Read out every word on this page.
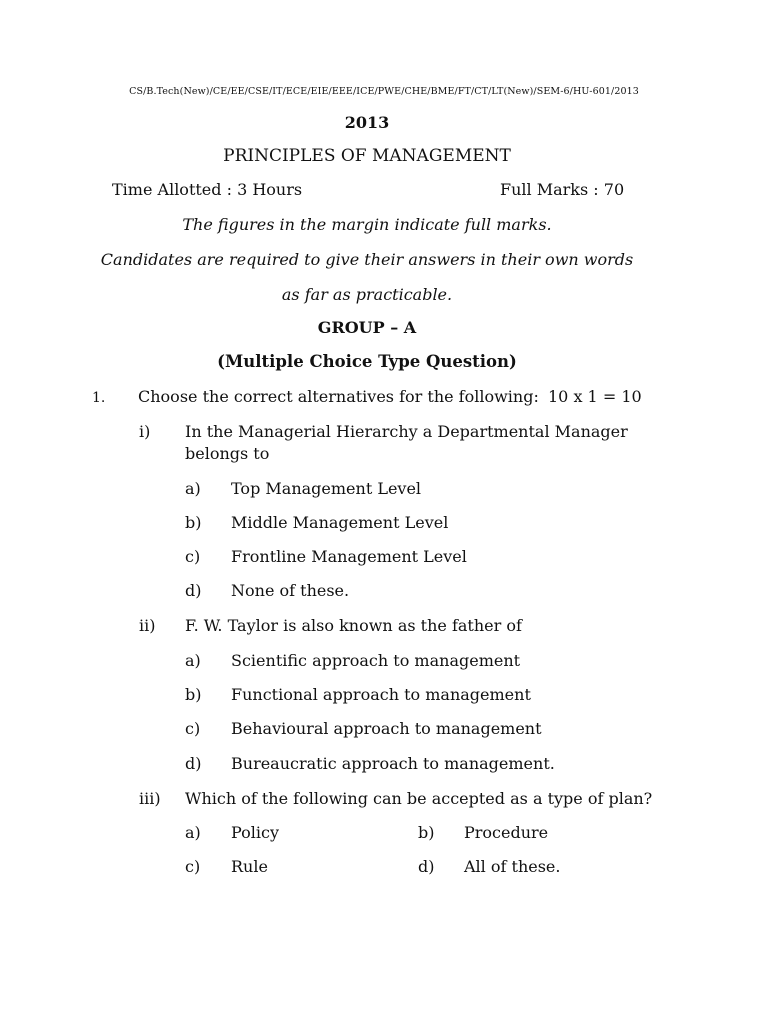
CS/B.Tech(New)/CE/EE/CSE/IT/ECE/EIE/EEE/ICE/PWE/CHE/BME/FT/CT/LT(New)/SEM-6/HU-601/2013
2013
PRINCIPLES OF MANAGEMENT
Time Allotted : 3 Hours	Full Marks : 70
The figures in the margin indicate full marks.
Candidates are required to give their answers in their own words
as far as practicable.
GROUP – A
(Multiple Choice Type Question)
1. Choose the correct alternatives for the following: 10 x 1 = 10
i) In the Managerial Hierarchy a Departmental Manager
belongs to
a) Top Management Level
b) Middle Management Level
c) Frontline Management Level
d) None of these.
ii) F. W. Taylor is also known as the father of
a) Scientific approach to management
b) Functional approach to management
c) Behavioural approach to management
d) Bureaucratic approach to management.
iii) Which of the following can be accepted as a type of plan?
a) Policy	b) Procedure
c) Rule	d) All of these.
